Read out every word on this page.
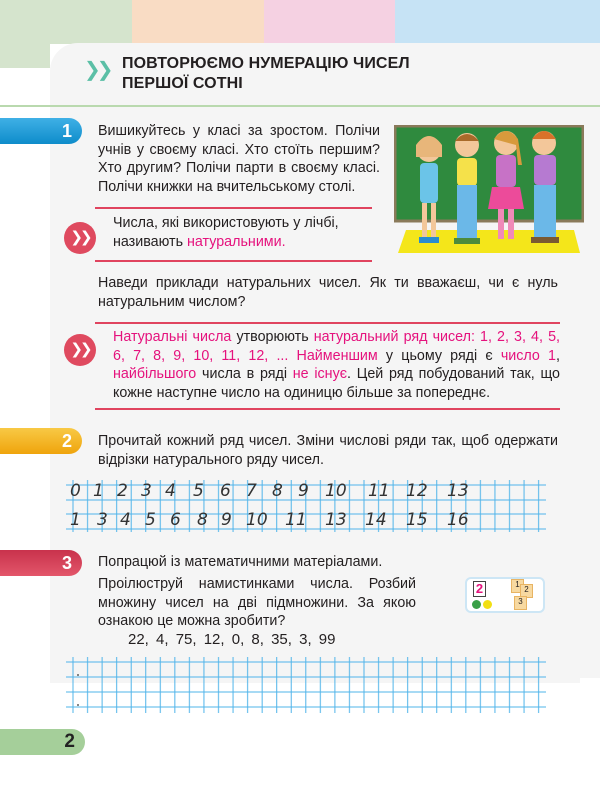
❯❯ ПОВТОРЮЄМО НУМЕРАЦІЮ ЧИСЕЛ
ПЕРШОЇ СОТНІ
1	Вишикуйтесь у класі за зростом. Полічи учнів у своєму класі. Хто стоїть першим? Хто другим? Полічи парти в своєму класі. Полічи книжки на вчительському столі.
❯❯
Числа, які використовують у лічбі, називають натуральними.
Наведи приклади натуральних чисел. Як ти вважаєш, чи є нуль натуральним числом?
❯❯
Натуральні числа утворюють натуральний ряд чисел: 1, 2, 3, 4, 5, 6, 7, 8, 9, 10, 11, 12, ... Найменшим у цьому ряді є число 1, найбільшого числа в ряді не існує. Цей ряд побудований так, що кожне наступне число на одиницю більше за попереднє.
2	Прочитай кожний ряд чисел. Зміни числові ряди так, щоб одержати відрізки натурального ряду чисел.
0 1 2 3 4 5 6 7 8 9 10 11 12 13
1 3 4 5 6 8 9 10 11 13 14 15 16
3	Попрацюй із математичними матеріалами.
Проілюструй намистинками числа. Розбий множину чисел на дві підмножини. За якою ознакою це можна зробити?
2	1
2
3
22, 4, 75, 12, 0, 8, 35, 3, 99
2
